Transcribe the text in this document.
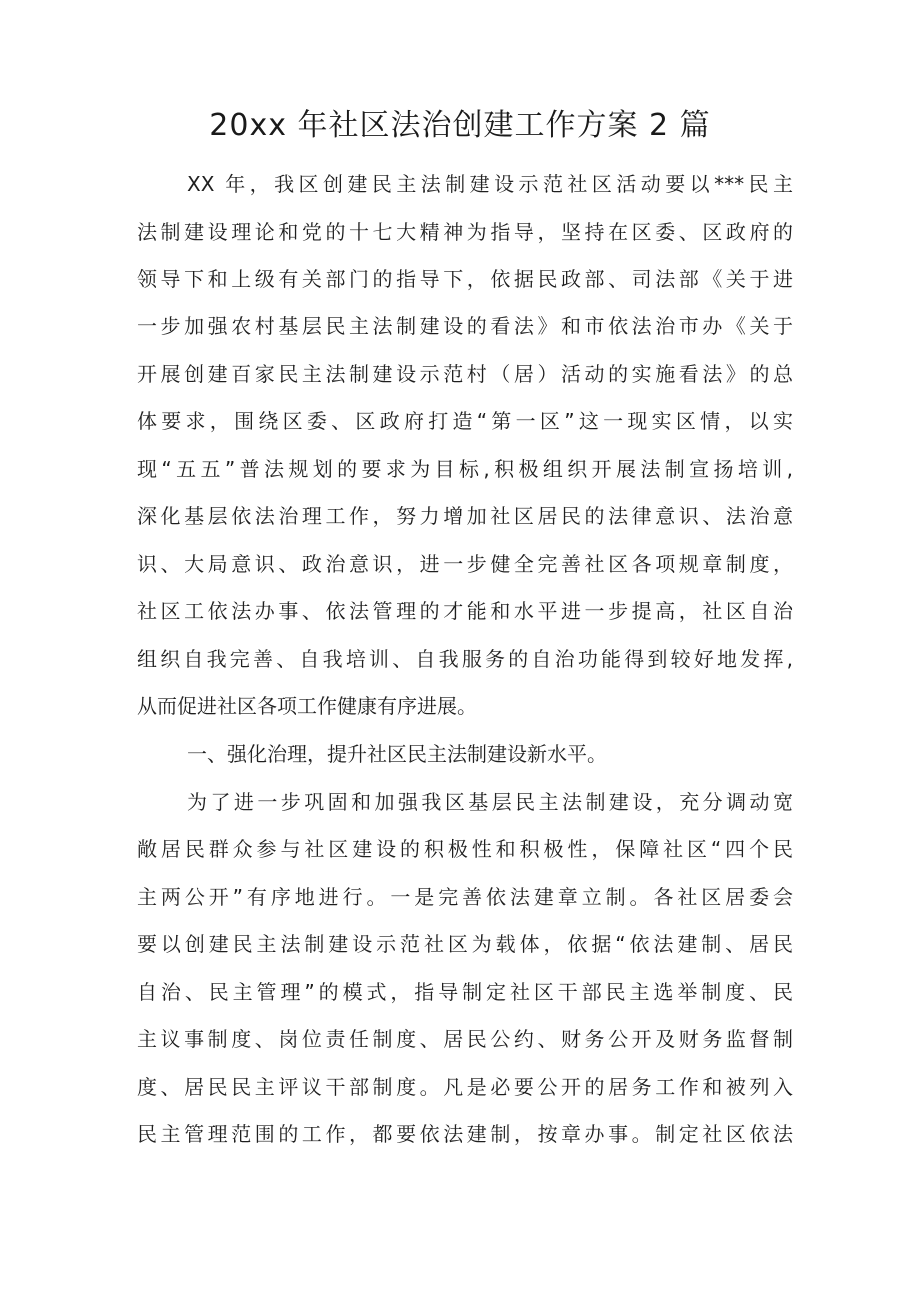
20xx 年社区法治创建工作方案 2 篇
XX 年，我区创建民主法制建设示范社区活动要以***民主
法制建设理论和党的十七大精神为指导，坚持在区委、区政府的
领导下和上级有关部门的指导下，依据民政部、司法部《关于进
一步加强农村基层民主法制建设的看法》和市依法治市办《关于
开展创建百家民主法制建设示范村（居）活动的实施看法》的总
体要求，围绕区委、区政府打造“第一区”这一现实区情，以实
现“五五”普法规划的要求为目标,积极组织开展法制宣扬培训,
深化基层依法治理工作，努力增加社区居民的法律意识、法治意
识、大局意识、政治意识，进一步健全完善社区各项规章制度，
社区工依法办事、依法管理的才能和水平进一步提高，社区自治
组织自我完善、自我培训、自我服务的自治功能得到较好地发挥,
从而促进社区各项工作健康有序进展。
一、强化治理，提升社区民主法制建设新水平。
为了进一步巩固和加强我区基层民主法制建设，充分调动宽
敞居民群众参与社区建设的积极性和积极性，保障社区“四个民
主两公开”有序地进行。一是完善依法建章立制。各社区居委会
要以创建民主法制建设示范社区为载体，依据“依法建制、居民
自治、民主管理”的模式，指导制定社区干部民主选举制度、民
主议事制度、岗位责任制度、居民公约、财务公开及财务监督制
度、居民民主评议干部制度。凡是必要公开的居务工作和被列入
民主管理范围的工作，都要依法建制，按章办事。制定社区依法
